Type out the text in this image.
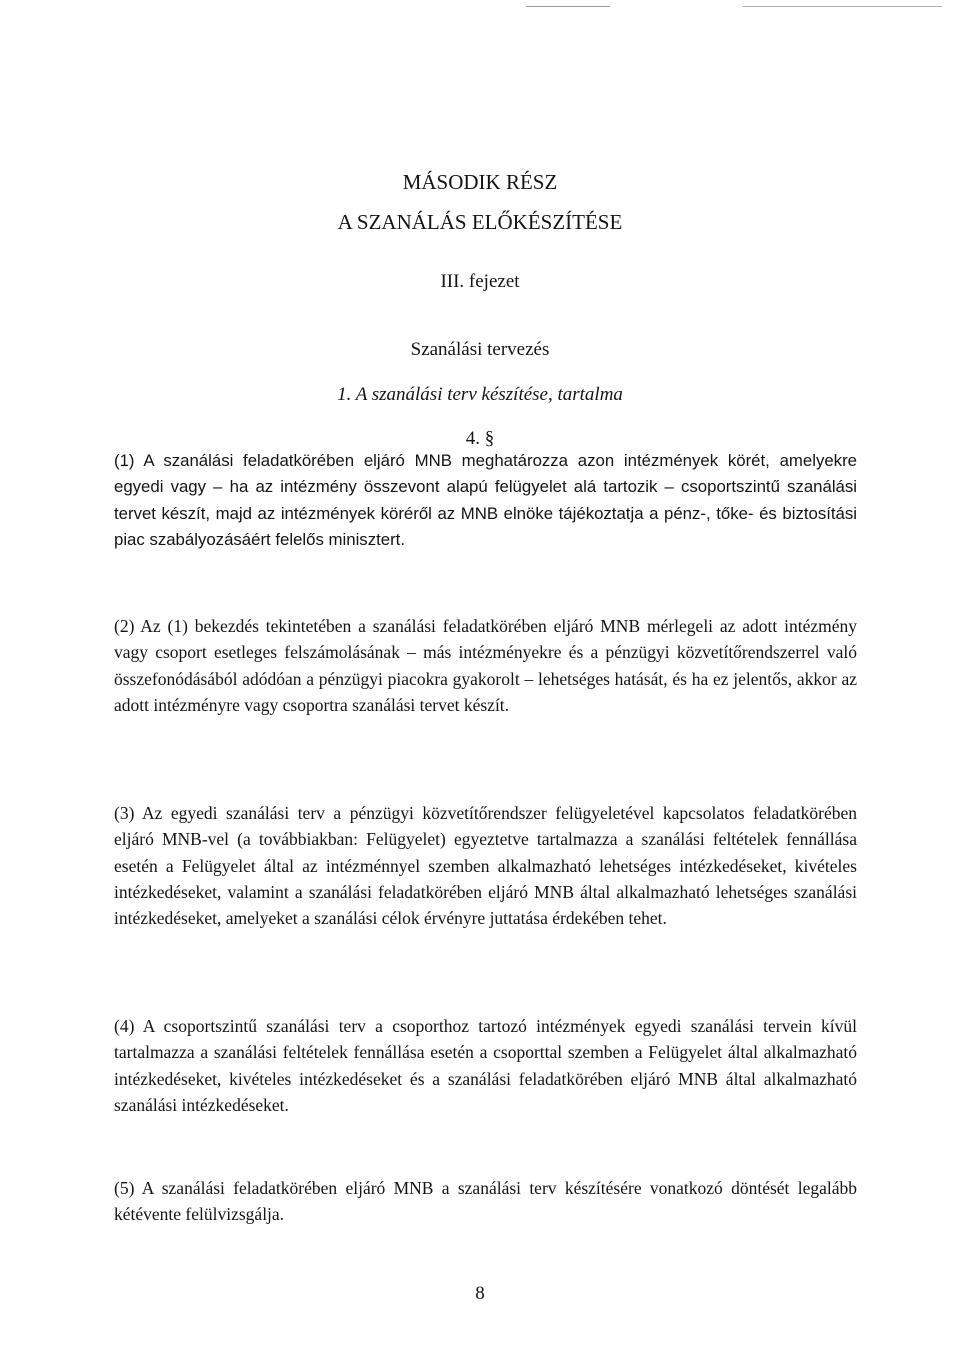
MÁSODIK RÉSZ
A SZANÁLÁS ELŐKÉSZÍTÉSE
III. fejezet
Szanálási tervezés
1. A szanálási terv készítése, tartalma
4. §

(1) A szanálási feladatkörében eljáró MNB meghatározza azon intézmények körét, amelyekre egyedi vagy – ha az intézmény összevont alapú felügyelet alá tartozik – csoportszintű szanálási tervet készít, majd az intézmények köréről az MNB elnöke tájékoztatja a pénz-, tőke- és biztosítási piac szabályozásáért felelős minisztert.

(2) Az (1) bekezdés tekintetében a szanálási feladatkörében eljáró MNB mérlegeli az adott intézmény vagy csoport esetleges felszámolásának – más intézményekre és a pénzügyi közvetítőrendszerrel való összefonódásából adódóan a pénzügyi piacokra gyakorolt – lehetséges hatását, és ha ez jelentős, akkor az adott intézményre vagy csoportra szanálási tervet készít.

(3) Az egyedi szanálási terv a pénzügyi közvetítőrendszer felügyeletével kapcsolatos feladatkörében eljáró MNB-vel (a továbbiakban: Felügyelet) egyeztetve tartalmazza a szanálási feltételek fennállása esetén a Felügyelet által az intézménnyel szemben alkalmazható lehetséges intézkedéseket, kivételes intézkedéseket, valamint a szanálási feladatkörében eljáró MNB által alkalmazható lehetséges szanálási intézkedéseket, amelyeket a szanálási célok érvényre juttatása érdekében tehet.

(4) A csoportszintű szanálási terv a csoporthoz tartozó intézmények egyedi szanálási tervein kívül tartalmazza a szanálási feltételek fennállása esetén a csoporttal szemben a Felügyelet által alkalmazható intézkedéseket, kivételes intézkedéseket és a szanálási feladatkörében eljáró MNB által alkalmazható szanálási intézkedéseket.

(5) A szanálási feladatkörében eljáró MNB a szanálási terv készítésére vonatkozó döntését legalább kétévente felülvizsgálja.

8
